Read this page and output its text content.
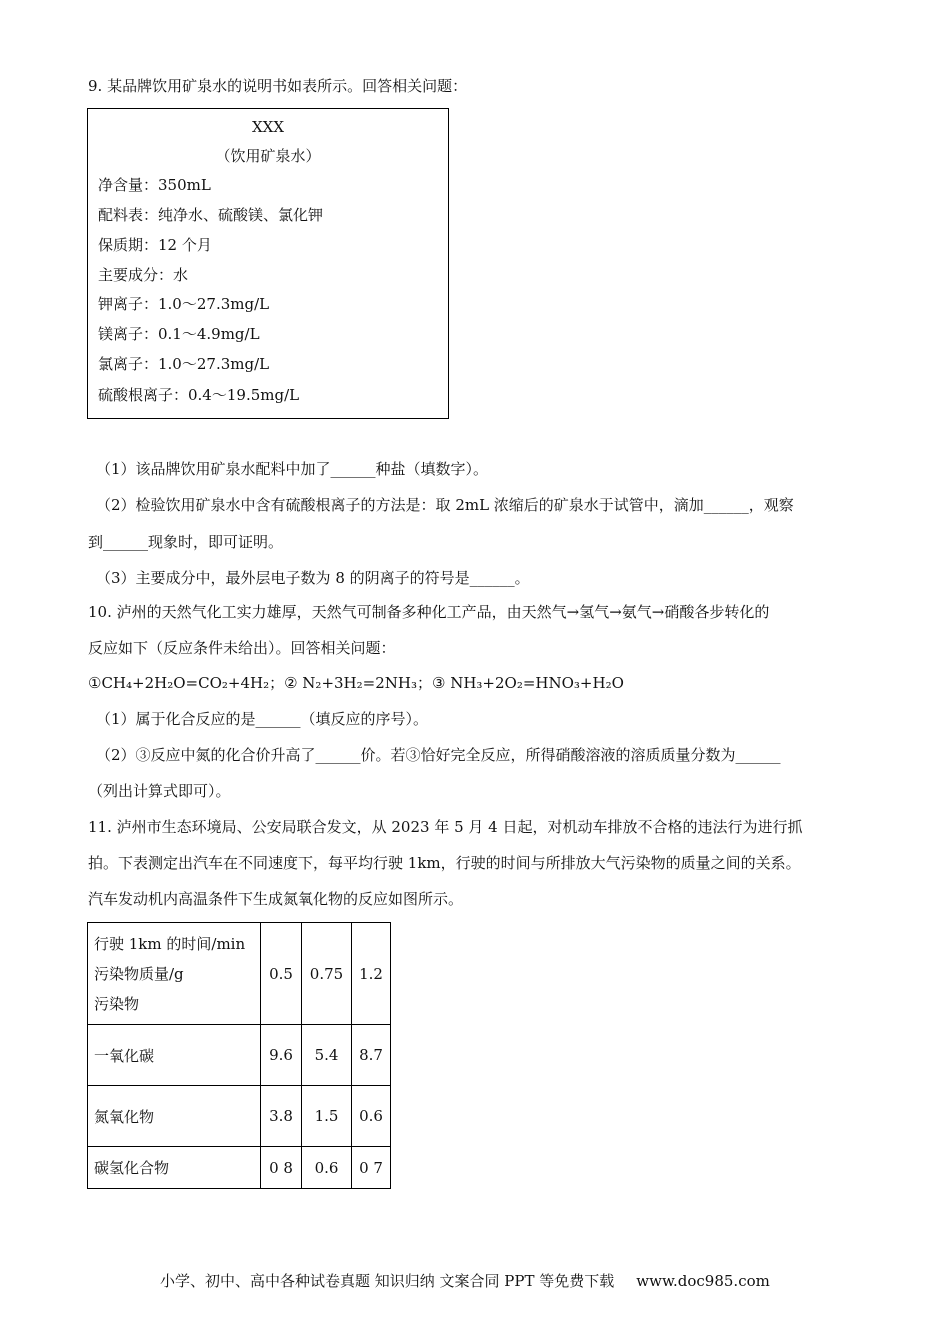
9. 某品牌饮用矿泉水的说明书如表所示。回答相关问题：
XXX
（饮用矿泉水）
净含量：350mL
配料表：纯净水、硫酸镁、氯化钾
保质期：12 个月
主要成分：水
钾离子：1.0～27.3mg/L
镁离子：0.1～4.9mg/L
氯离子：1.0～27.3mg/L
硫酸根离子：0.4～19.5mg/L
（1）该品牌饮用矿泉水配料中加了______种盐（填数字）。
（2）检验饮用矿泉水中含有硫酸根离子的方法是：取 2mL 浓缩后的矿泉水于试管中，滴加______，观察
到______现象时，即可证明。
（3）主要成分中，最外层电子数为 8 的阴离子的符号是______。
10. 泸州的天然气化工实力雄厚，天然气可制备多种化工产品，由天然气→氢气→氨气→硝酸各步转化的
反应如下（反应条件未给出）。回答相关问题：
①CH₄+2H₂O=CO₂+4H₂；② N₂+3H₂=2NH₃；③ NH₃+2O₂=HNO₃+H₂O
（1）属于化合反应的是______（填反应的序号）。
（2）③反应中氮的化合价升高了______价。若③恰好完全反应，所得硝酸溶液的溶质质量分数为______
（列出计算式即可）。
11. 泸州市生态环境局、公安局联合发文，从 2023 年 5 月 4 日起，对机动车排放不合格的违法行为进行抓
拍。下表测定出汽车在不同速度下，每平均行驶 1km，行驶的时间与所排放大气污染物的质量之间的关系。
汽车发动机内高温条件下生成氮氧化物的反应如图所示。
行驶 1km 的时间/min
污染物质量/g
污染物	0.5	0.75	1.2
一氧化碳	9.6	5.4	8.7
氮氧化物	3.8	1.5	0.6
碳氢化合物	0 8	0.6	0 7
小学、初中、高中各种试卷真题 知识归纳 文案合同 PPT 等免费下载 www.doc985.com
